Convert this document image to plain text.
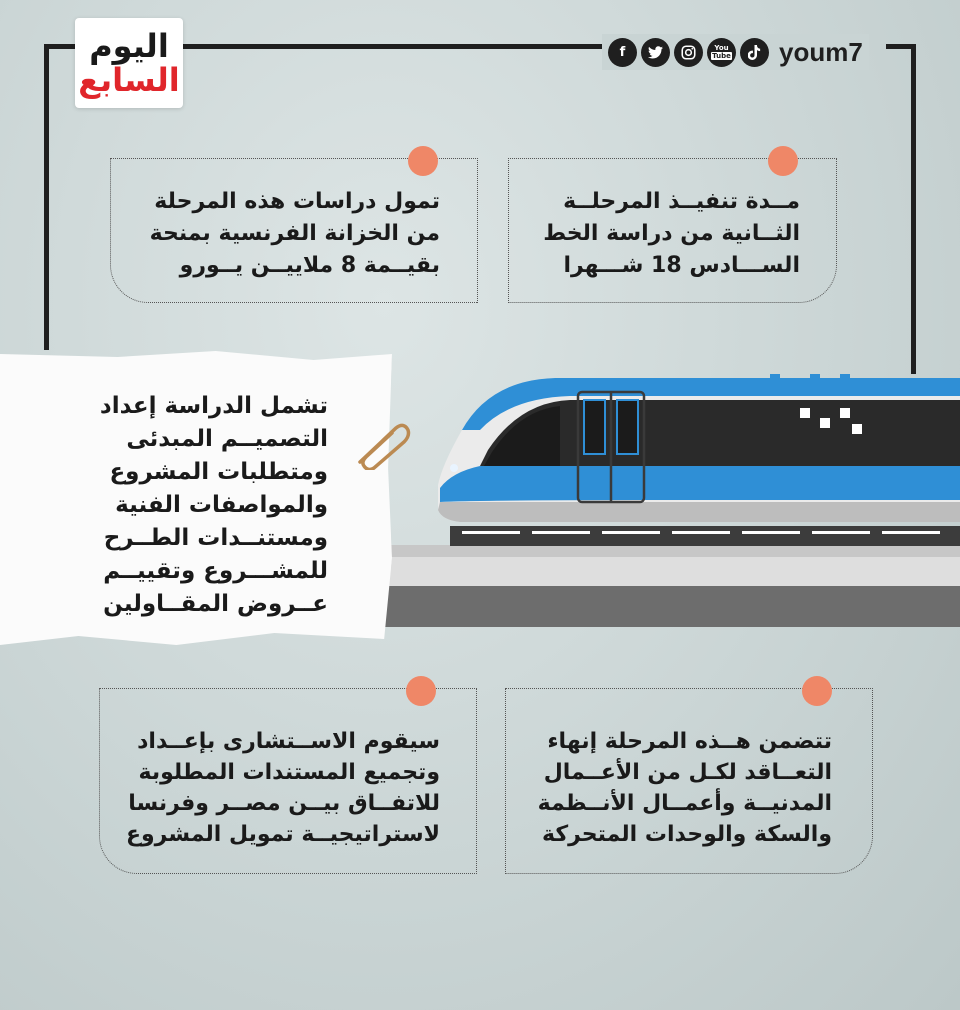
اليوم
السابع
f	You
Tube youm7
مــدة تنفيــذ المرحلــة
الثــانية من دراسة الخط
الســـادس 18 شـــهرا
تمول دراسات هذه المرحلة
من الخزانة الفرنسية بمنحة
بقيــمة 8 ملاييــن يــورو
تشمل الدراسة إعداد
التصميــم المبدئى
ومتطلبات المشروع
والمواصفات الفنية
ومستنــدات الطــرح
للمشـــروع وتقييــم
عــروض المقــاولين
تتضمن هــذه المرحلة إنهاء
التعــاقد لكـل من الأعــمال
المدنيــة وأعمــال الأنــظمة
والسكة والوحدات المتحركة
سيقوم الاســتشارى بإعــداد
وتجميع المستندات المطلوبة
للاتفــاق بيــن مصــر وفرنسا
لاستراتيجيــة تمويل المشروع
